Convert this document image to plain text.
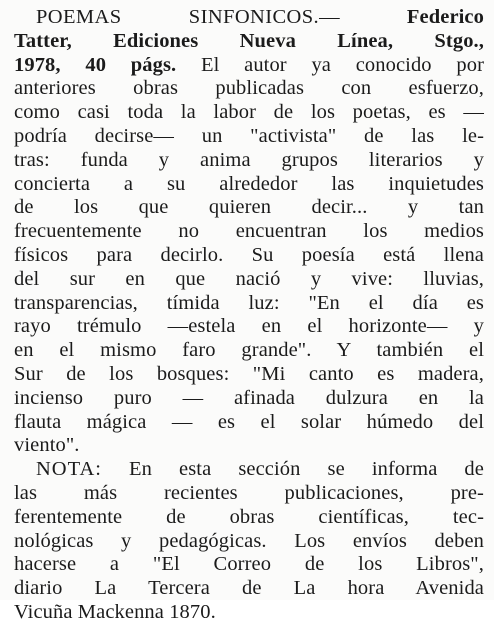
POEMAS SINFONICOS.—	Federico
Tatter, Ediciones Nueva Línea, Stgo.,
1978, 40 págs. El autor ya conocido por
anteriores obras publicadas con esfuerzo,
como casi toda la labor de los poetas, es —
podría decirse— un "activista" de las le-
tras: funda y anima grupos literarios y
concierta a su alrededor las inquietudes
de los que quieren decir... y tan
frecuentemente no encuentran los medios
físicos para decirlo. Su poesía está llena
del sur en que nació y vive: lluvias,
transparencias, tímida luz: "En el día es
rayo trémulo —estela en el horizonte— y
en el mismo faro grande". Y también el
Sur de los bosques: "Mi canto es madera,
incienso puro — afinada dulzura en la
flauta mágica — es el solar húmedo del
viento".
NOTA: En esta sección se informa de
las más recientes publicaciones, pre-
ferentemente de obras científicas, tec-
nológicas y pedagógicas. Los envíos deben
hacerse a "El Correo de los Libros",
diario La Tercera de La hora Avenida
Vicuña Mackenna 1870.
